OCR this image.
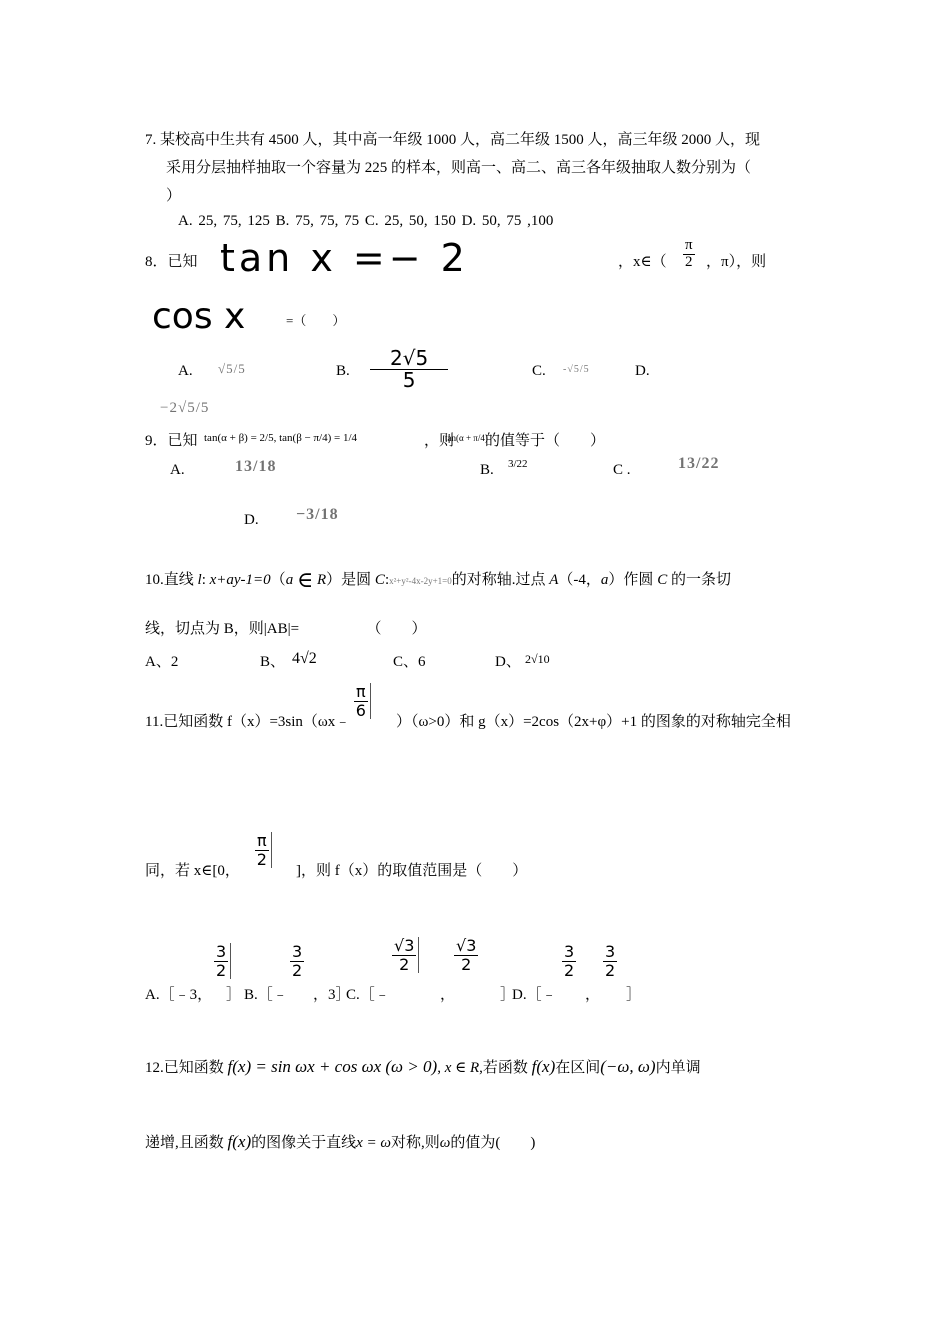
7. 某校高中生共有 4500 人，其中高一年级 1000 人，高二年级 1500 人，高三年级 2000 人，现
采用分层抽样抽取一个容量为 225 的样本，则高一、高二、高三各年级抽取人数分别为（
）
A. 25, 75, 125 B. 75, 75, 75 C. 25, 50, 150 D. 50, 75 ,100
8．已知 tan x =− 2	，x∈（ $\frac{\pi}{2}$ ，π），则
cos x	=（　　）
A. √5/5	B. $\frac{2√5}{5}$	C. -√5/5	D.
−2√5/5
9．已知 tan(α + β) = 2/5, tan(β − π/4) = 1/4	，则
tan(α + π/4)
的值等于（　　）
A.	13/18	B. 3/22	C .	13/22
D. −3/18
10.直线 l: x+ay-1=0（a ∈ R）是圆 C:x²+y²-4x-2y+1=0的对称轴.过点 A（-4，a）作圆 C 的一条切
线，切点为 B，则|AB|=　　　　　（　　）
A、2	B、 4√2	C、6	D、 2√10
11.已知函数 f（x）=3sin（ωx﹣
π
6
）（ω>0）和 g（x）=2cos（2x+φ）+1 的图象的对称轴完全相
同，若 x∈[0，
π
2
]，则 f（x）的取值范围是（　　）
A.［﹣3，
$\frac{3}{2}$
］ B.［﹣
$\frac{3}{2}$
，3］
C.［﹣
√3
2
，
√3
2
］
D.［﹣
3
2
，
3
2
］
12.已知函数 f(x) = sin ωx + cos ωx (ω > 0), x ∈ R,若函数 f(x)在区间(−ω, ω)内单调
递增,且函数 f(x)的图像关于直线x = ω对称,则ω的值为(　　)
